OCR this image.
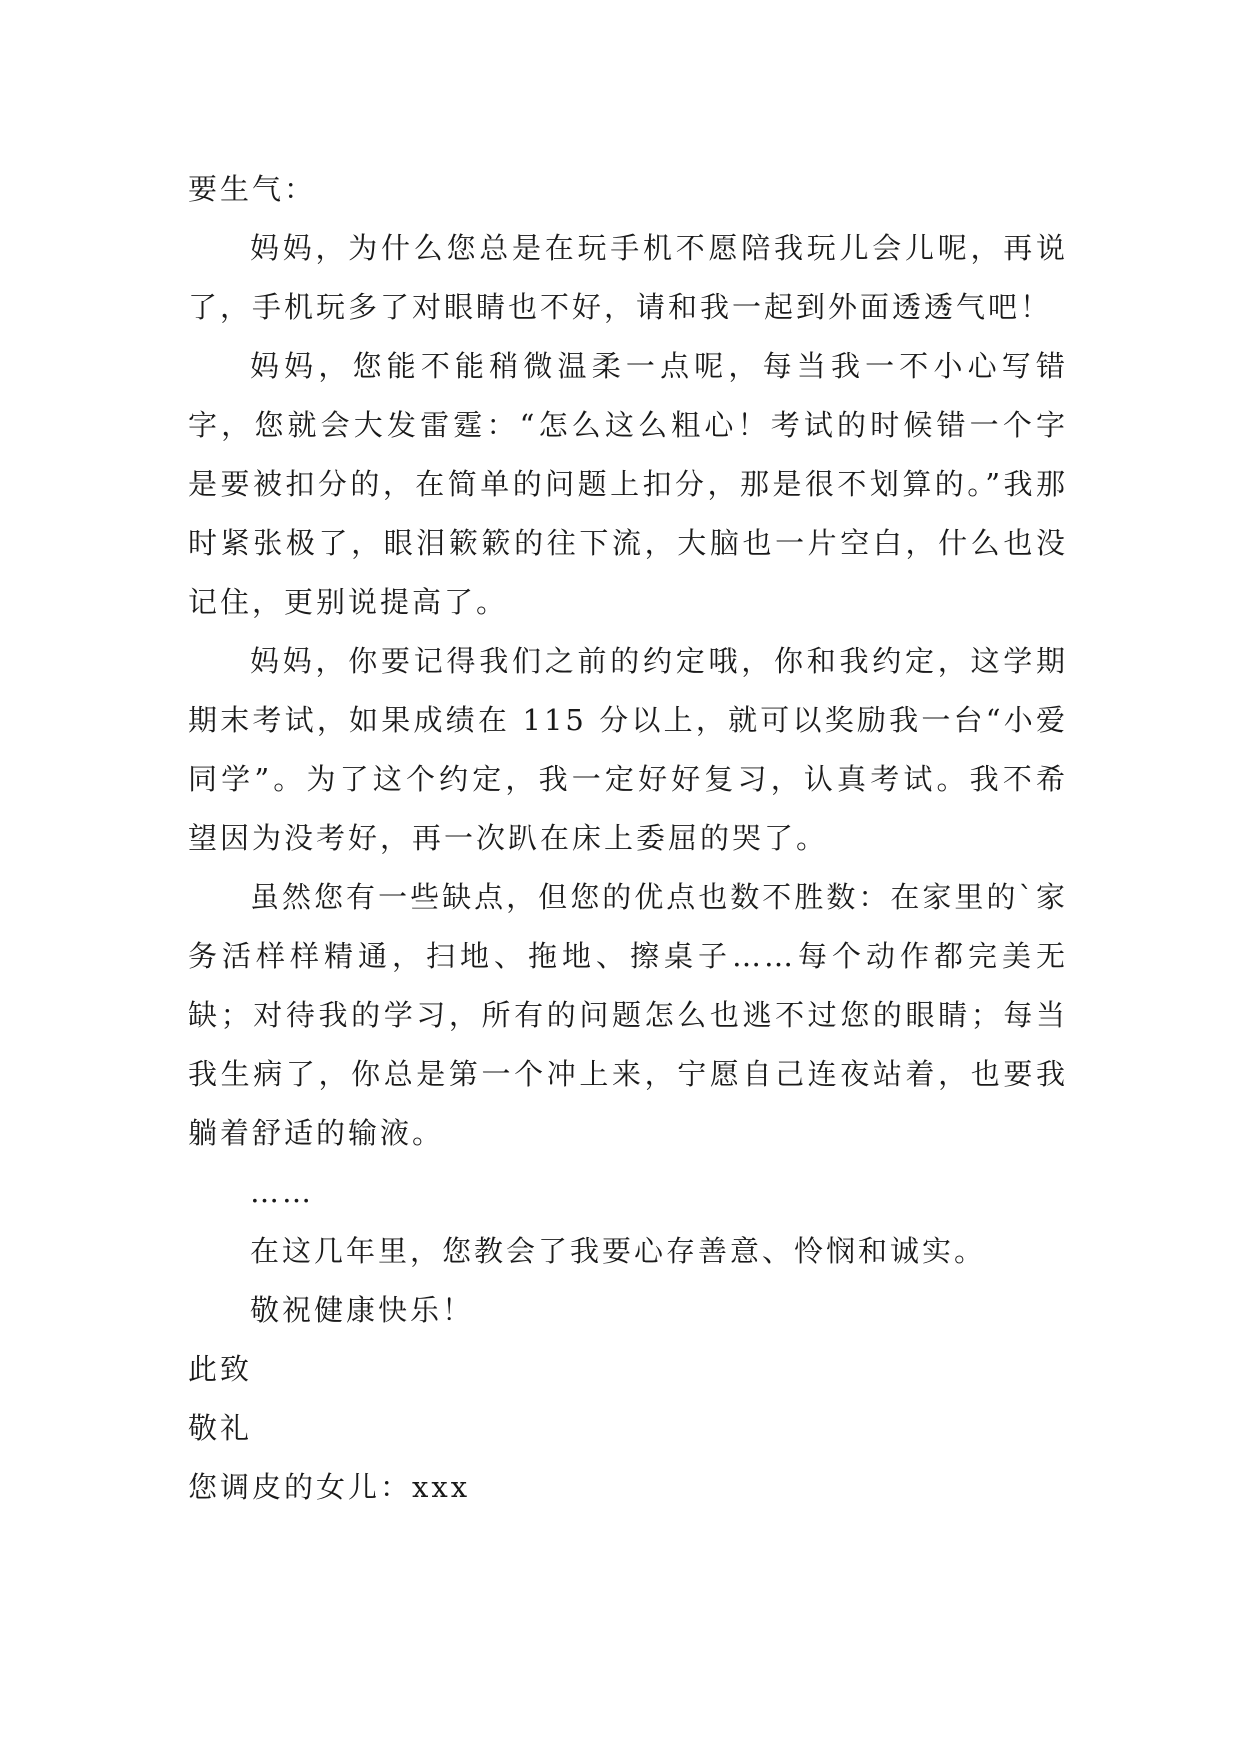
要生气：

妈妈，为什么您总是在玩手机不愿陪我玩儿会儿呢，再说了，手机玩多了对眼睛也不好，请和我一起到外面透透气吧！

妈妈，您能不能稍微温柔一点呢，每当我一不小心写错字，您就会大发雷霆：“怎么这么粗心！考试的时候错一个字是要被扣分的，在简单的问题上扣分，那是很不划算的。”我那时紧张极了，眼泪簌簌的往下流，大脑也一片空白，什么也没记住，更别说提高了。

妈妈，你要记得我们之前的约定哦，你和我约定，这学期期末考试，如果成绩在 115 分以上，就可以奖励我一台“小爱同学”。为了这个约定，我一定好好复习，认真考试。我不希望因为没考好，再一次趴在床上委屈的哭了。

虽然您有一些缺点，但您的优点也数不胜数：在家里的`家务活样样精通，扫地、拖地、擦桌子……每个动作都完美无缺；对待我的学习，所有的问题怎么也逃不过您的眼睛；每当我生病了，你总是第一个冲上来，宁愿自己连夜站着，也要我躺着舒适的输液。

……

在这几年里，您教会了我要心存善意、怜悯和诚实。

敬祝健康快乐！

此致

敬礼

您调皮的女儿：xxx
